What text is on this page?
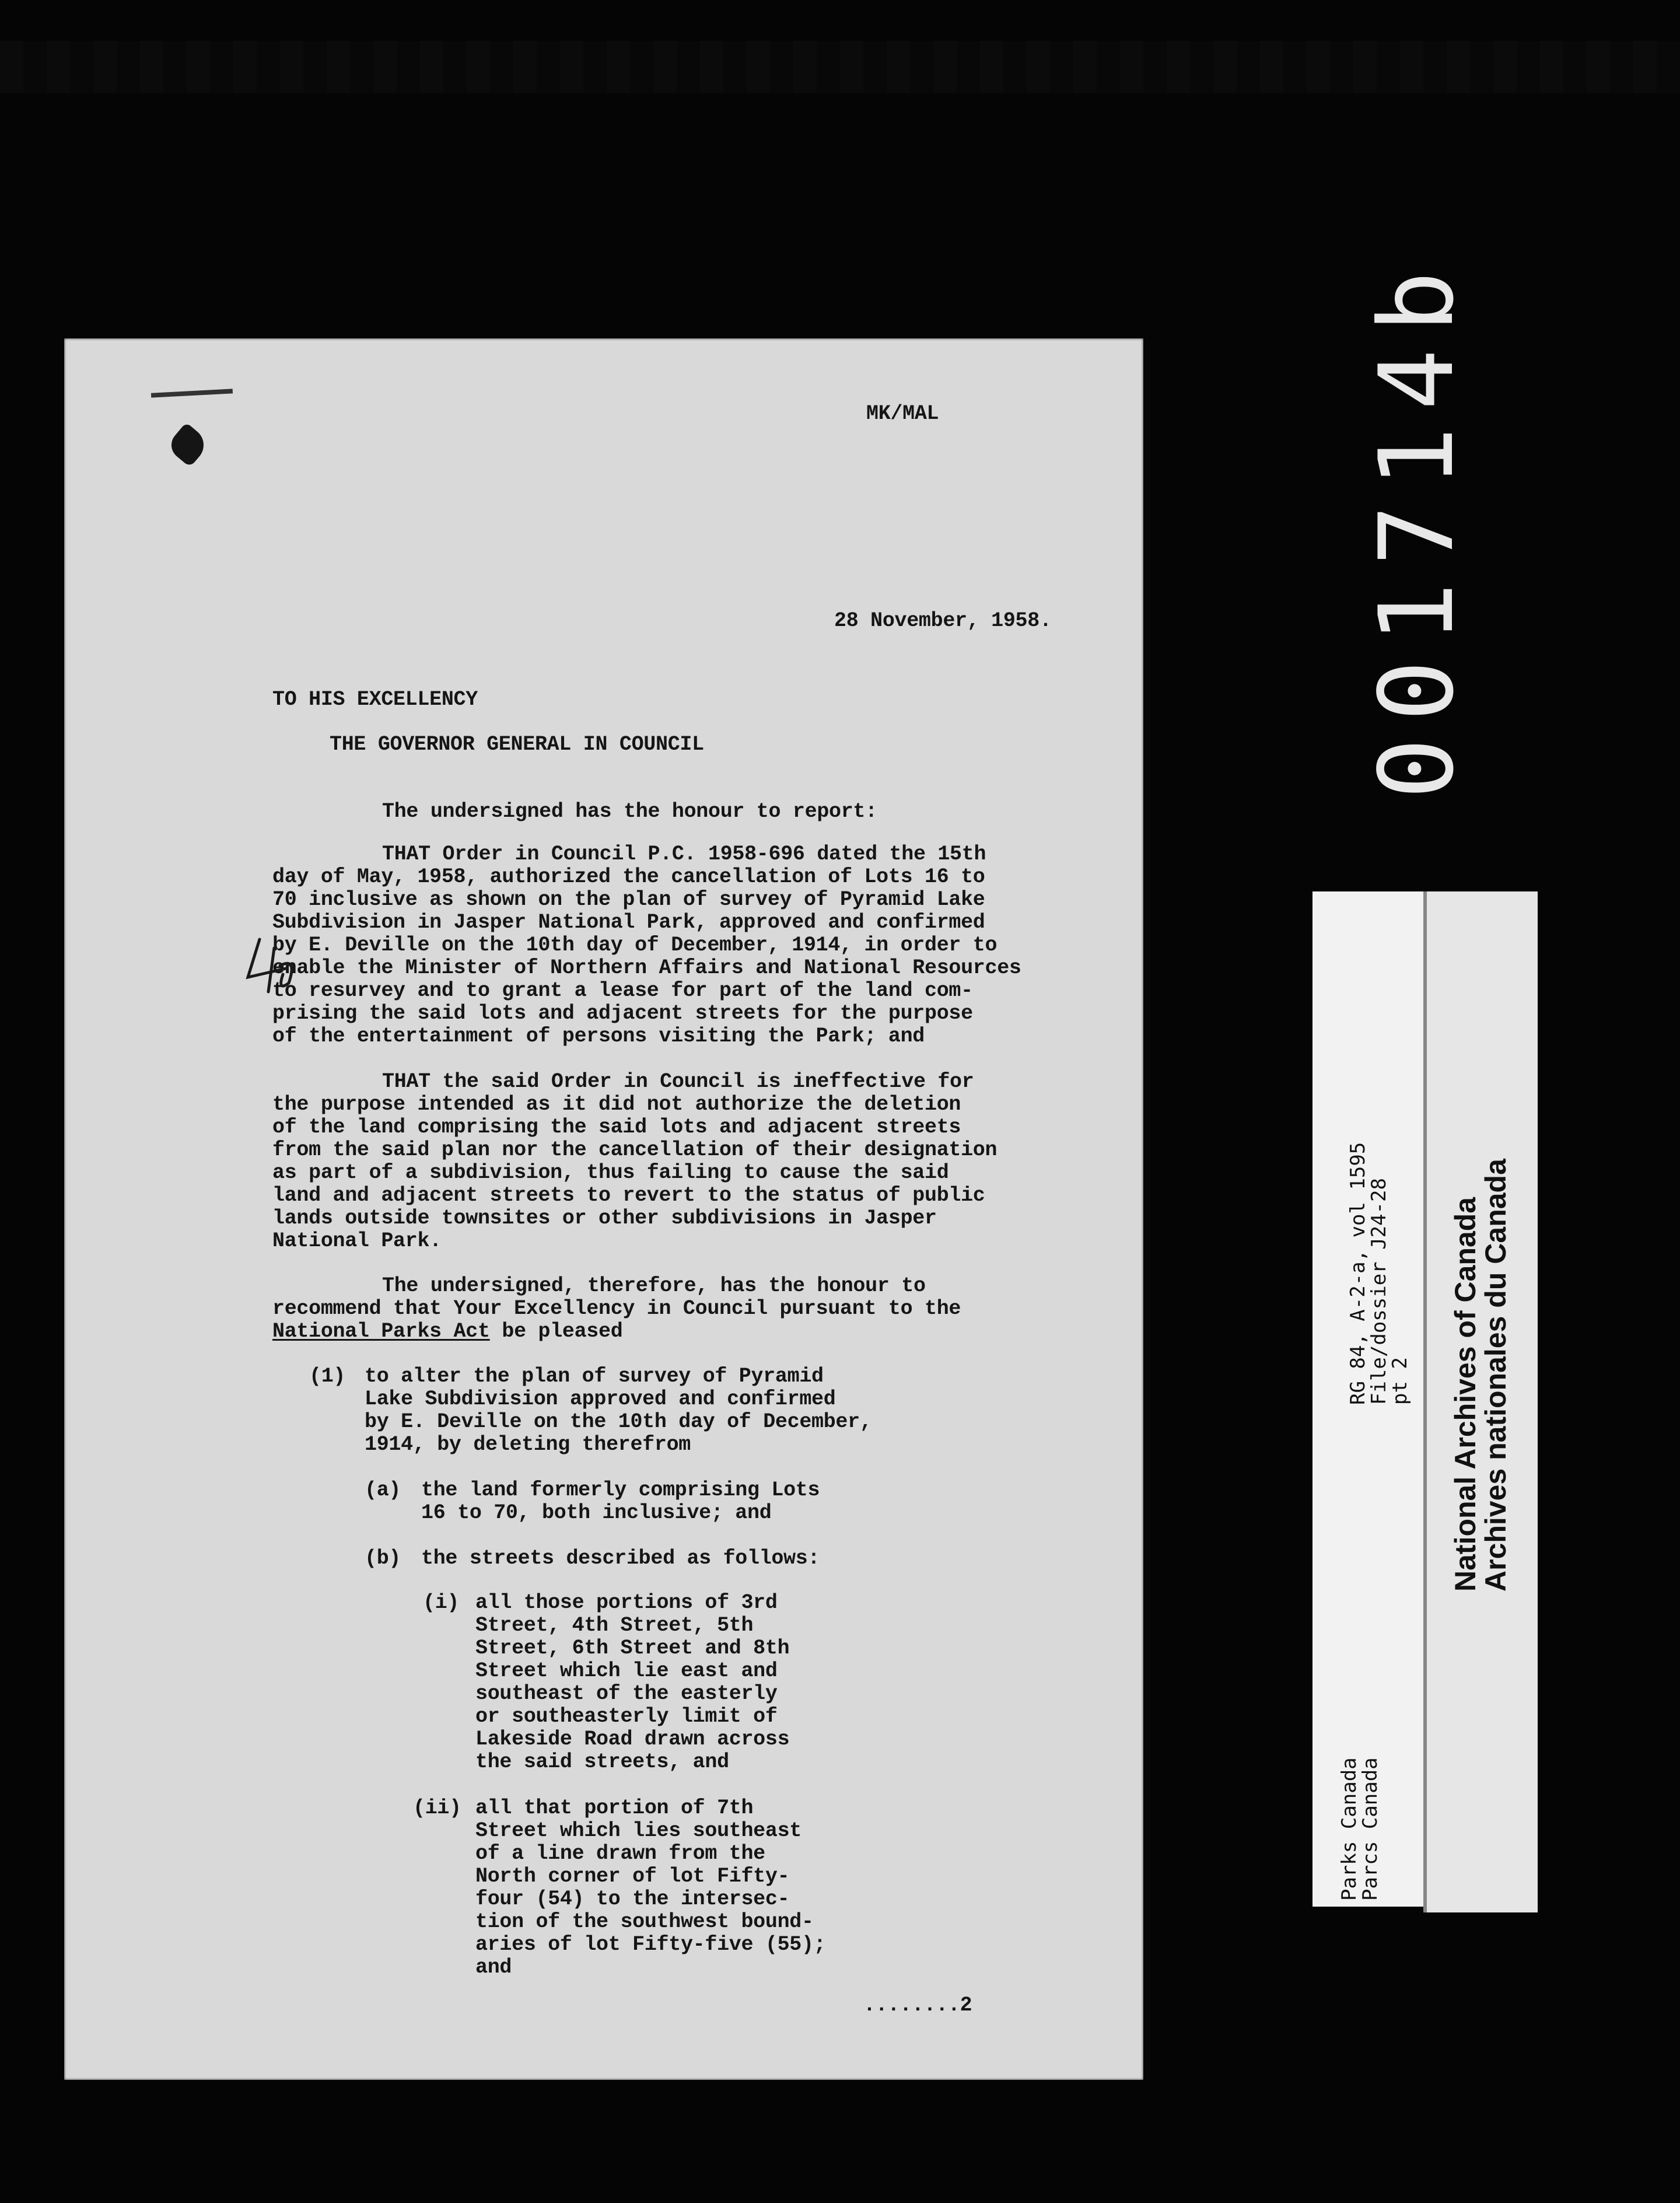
MK/MAL

28 November, 1958.

TO HIS EXCELLENCY

THE GOVERNOR GENERAL IN COUNCIL

The undersigned has the honour to report:

THAT Order in Council P.C. 1958-696 dated the 15th

day of May, 1958, authorized the cancellation of Lots 16 to

70 inclusive as shown on the plan of survey of Pyramid Lake

Subdivision in Jasper National Park, approved and confirmed

by E. Deville on the 10th day of December, 1914, in order to

enable the Minister of Northern Affairs and National Resources

to resurvey and to grant a lease for part of the land com-

prising the said lots and adjacent streets for the purpose

of the entertainment of persons visiting the Park; and

THAT the said Order in Council is ineffective for

the purpose intended as it did not authorize the deletion

of the land comprising the said lots and adjacent streets

from the said plan nor the cancellation of their designation

as part of a subdivision, thus failing to cause the said

land and adjacent streets to revert to the status of public

lands outside townsites or other subdivisions in Jasper

National Park.

The undersigned, therefore, has the honour to

recommend that Your Excellency in Council pursuant to the

National Parks Act be pleased

(1) to alter the plan of survey of Pyramid

Lake Subdivision approved and confirmed

by E. Deville on the 10th day of December,

1914, by deleting therefrom

(a) the land formerly comprising Lots

16 to 70, both inclusive; and

(b) the streets described as follows:

(i) all those portions of 3rd

Street, 4th Street, 5th

Street, 6th Street and 8th

Street which lie east and

southeast of the easterly

or southeasterly limit of

Lakeside Road drawn across

the said streets, and

(ii) all that portion of 7th

Street which lies southeast

of a line drawn from the

North corner of lot Fifty-

four (54) to the intersec-

tion of the southwest bound-

aries of lot Fifty-five (55);

and

........2

001714b
RG 84, A-2-a, vol 1595
File/dossier J24-28
pt 2
Parks Canada
Parcs Canada
National Archives of Canada
Archives nationales du Canada
